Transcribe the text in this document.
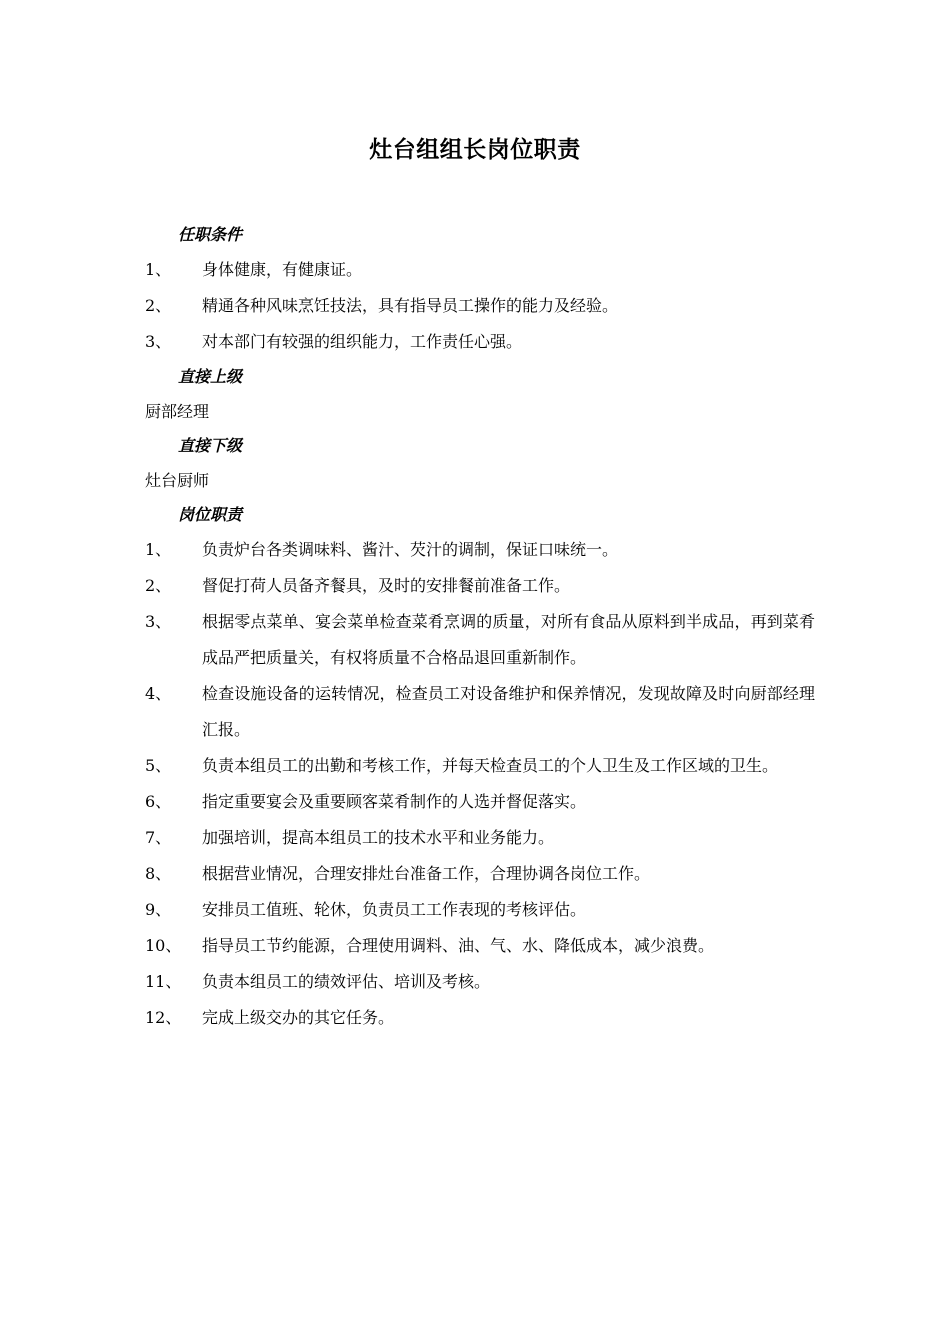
灶台组组长岗位职责
任职条件
1、	身体健康，有健康证。
2、	精通各种风味烹饪技法，具有指导员工操作的能力及经验。
3、	对本部门有较强的组织能力，工作责任心强。
直接上级
厨部经理
直接下级
灶台厨师
岗位职责
1、	负责炉台各类调味料、酱汁、芡汁的调制，保证口味统一。
2、	督促打荷人员备齐餐具，及时的安排餐前准备工作。
3、	根据零点菜单、宴会菜单检查菜肴烹调的质量，对所有食品从原料到半成品，再到菜肴成品严把质量关，有权将质量不合格品退回重新制作。
4、	检查设施设备的运转情况，检查员工对设备维护和保养情况，发现故障及时向厨部经理汇报。
5、	负责本组员工的出勤和考核工作，并每天检查员工的个人卫生及工作区域的卫生。
6、	指定重要宴会及重要顾客菜肴制作的人选并督促落实。
7、	加强培训，提高本组员工的技术水平和业务能力。
8、	根据营业情况，合理安排灶台准备工作，合理协调各岗位工作。
9、	安排员工值班、轮休，负责员工工作表现的考核评估。
10、	指导员工节约能源，合理使用调料、油、气、水、降低成本，减少浪费。
11、	负责本组员工的绩效评估、培训及考核。
12、	完成上级交办的其它任务。
